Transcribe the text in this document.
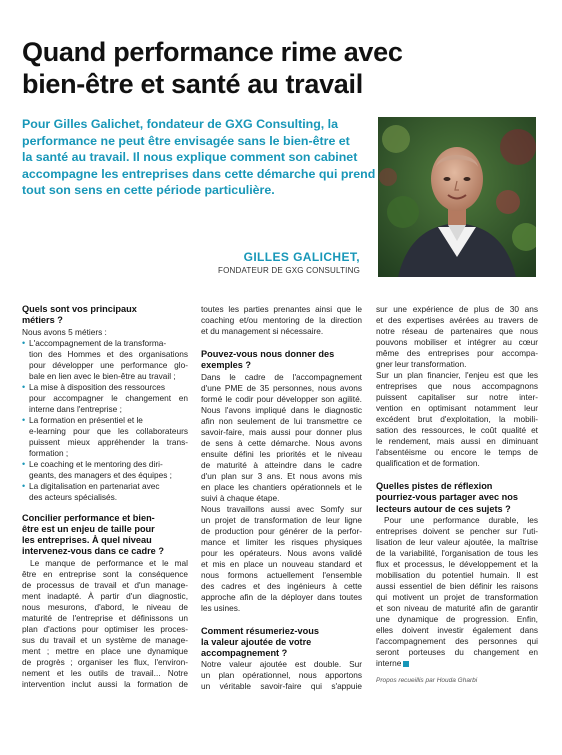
Quand performance rime avec
bien-être et santé au travail
Pour Gilles Galichet, fondateur de GXG Consulting, la
performance ne peut être envisagée sans le bien-être et
la santé au travail. Il nous explique comment son cabinet
accompagne les entreprises dans cette démarche qui prend
tout son sens en cette période particulière.
GILLES GALICHET,
FONDATEUR DE GXG CONSULTING
Quels sont vos principaux
métiers ?
Nous avons 5 métiers :
• L'accompagnement de la transforma-
tion des Hommes et des organisations
pour développer une performance glo-
bale en lien avec le bien-être au travail ;
• La mise à disposition des ressources
pour accompagner le changement en
interne dans l'entreprise ;
• La formation en présentiel et le
e-learning pour que les collaborateurs
puissent mieux appréhender la trans-
formation ;
• Le coaching et le mentoring des diri-
geants, des managers et des équipes ;
• La digitalisation en partenariat avec
des acteurs spécialisés.
Concilier performance et bien-
être est un enjeu de taille pour
les entreprises. À quel niveau
intervenez-vous dans ce cadre ?
Le manque de performance et le mal
être en entreprise sont la conséquence
de processus de travail et d'un manage-
ment inadapté. À partir d'un diagnostic,
nous mesurons, d'abord, le niveau de
maturité de l'entreprise et définissons un
plan d'actions pour optimiser les proces-
sus du travail et un système de manage-
ment ; mettre en place une dynamique
de progrès ; organiser les flux, l'environ-
nement et les outils de travail... Notre
intervention inclut aussi la formation de
toutes les parties prenantes ainsi que le
coaching et/ou mentoring de la direction
et du management si nécessaire.
Pouvez-vous nous donner des
exemples ?
Dans le cadre de l'accompagnement
d'une PME de 35 personnes, nous avons
formé le codir pour développer son agilité.
Nous l'avons impliqué dans le diagnostic
afin non seulement de lui transmettre ce
savoir-faire, mais aussi pour donner plus
de sens à cette démarche. Nous avons
ensuite défini les priorités et le niveau
de maturité à atteindre dans le cadre
d'un plan sur 3 ans. Et nous avons mis
en place les chantiers opérationnels et le
suivi à chaque étape.
Nous travaillons aussi avec Somfy sur
un projet de transformation de leur ligne
de production pour générer de la perfor-
mance et limiter les risques physiques
pour les opérateurs. Nous avons validé
et mis en place un nouveau standard et
nous formons actuellement l'ensemble
des cadres et des ingénieurs à cette
approche afin de la déployer dans toutes
les usines.
Comment résumeriez-vous
la valeur ajoutée de votre
accompagnement ?
Notre valeur ajoutée est double. Sur
un plan opérationnel, nous apportons
un véritable savoir-faire qui s'appuie
sur une expérience de plus de 30 ans
et des expertises avérées au travers de
notre réseau de partenaires que nous
pouvons mobiliser et intégrer au cœur
même des entreprises pour accompa-
gner leur transformation.
Sur un plan financier, l'enjeu est que les
entreprises que nous accompagnons
puissent capitaliser sur notre inter-
vention en optimisant notamment leur
excédent brut d'exploitation, la mobili-
sation des ressources, le coût qualité et
le rendement, mais aussi en diminuant
l'absentéisme ou encore le temps de
qualification et de formation.
Quelles pistes de réflexion
pourriez-vous partager avec nos
lecteurs autour de ces sujets ?
Pour une performance durable, les
entreprises doivent se pencher sur l'uti-
lisation de leur valeur ajoutée, la maîtrise
de la variabilité, l'organisation de tous les
flux et processus, le développement et la
mobilisation du potentiel humain. Il est
aussi essentiel de bien définir les raisons
qui motivent un projet de transformation
et son niveau de maturité afin de garantir
une dynamique de progression. Enfin,
elles doivent investir également dans
l'accompagnement des personnes qui
seront porteuses du changement en
interne
Propos recueillis par Houda Gharbi
